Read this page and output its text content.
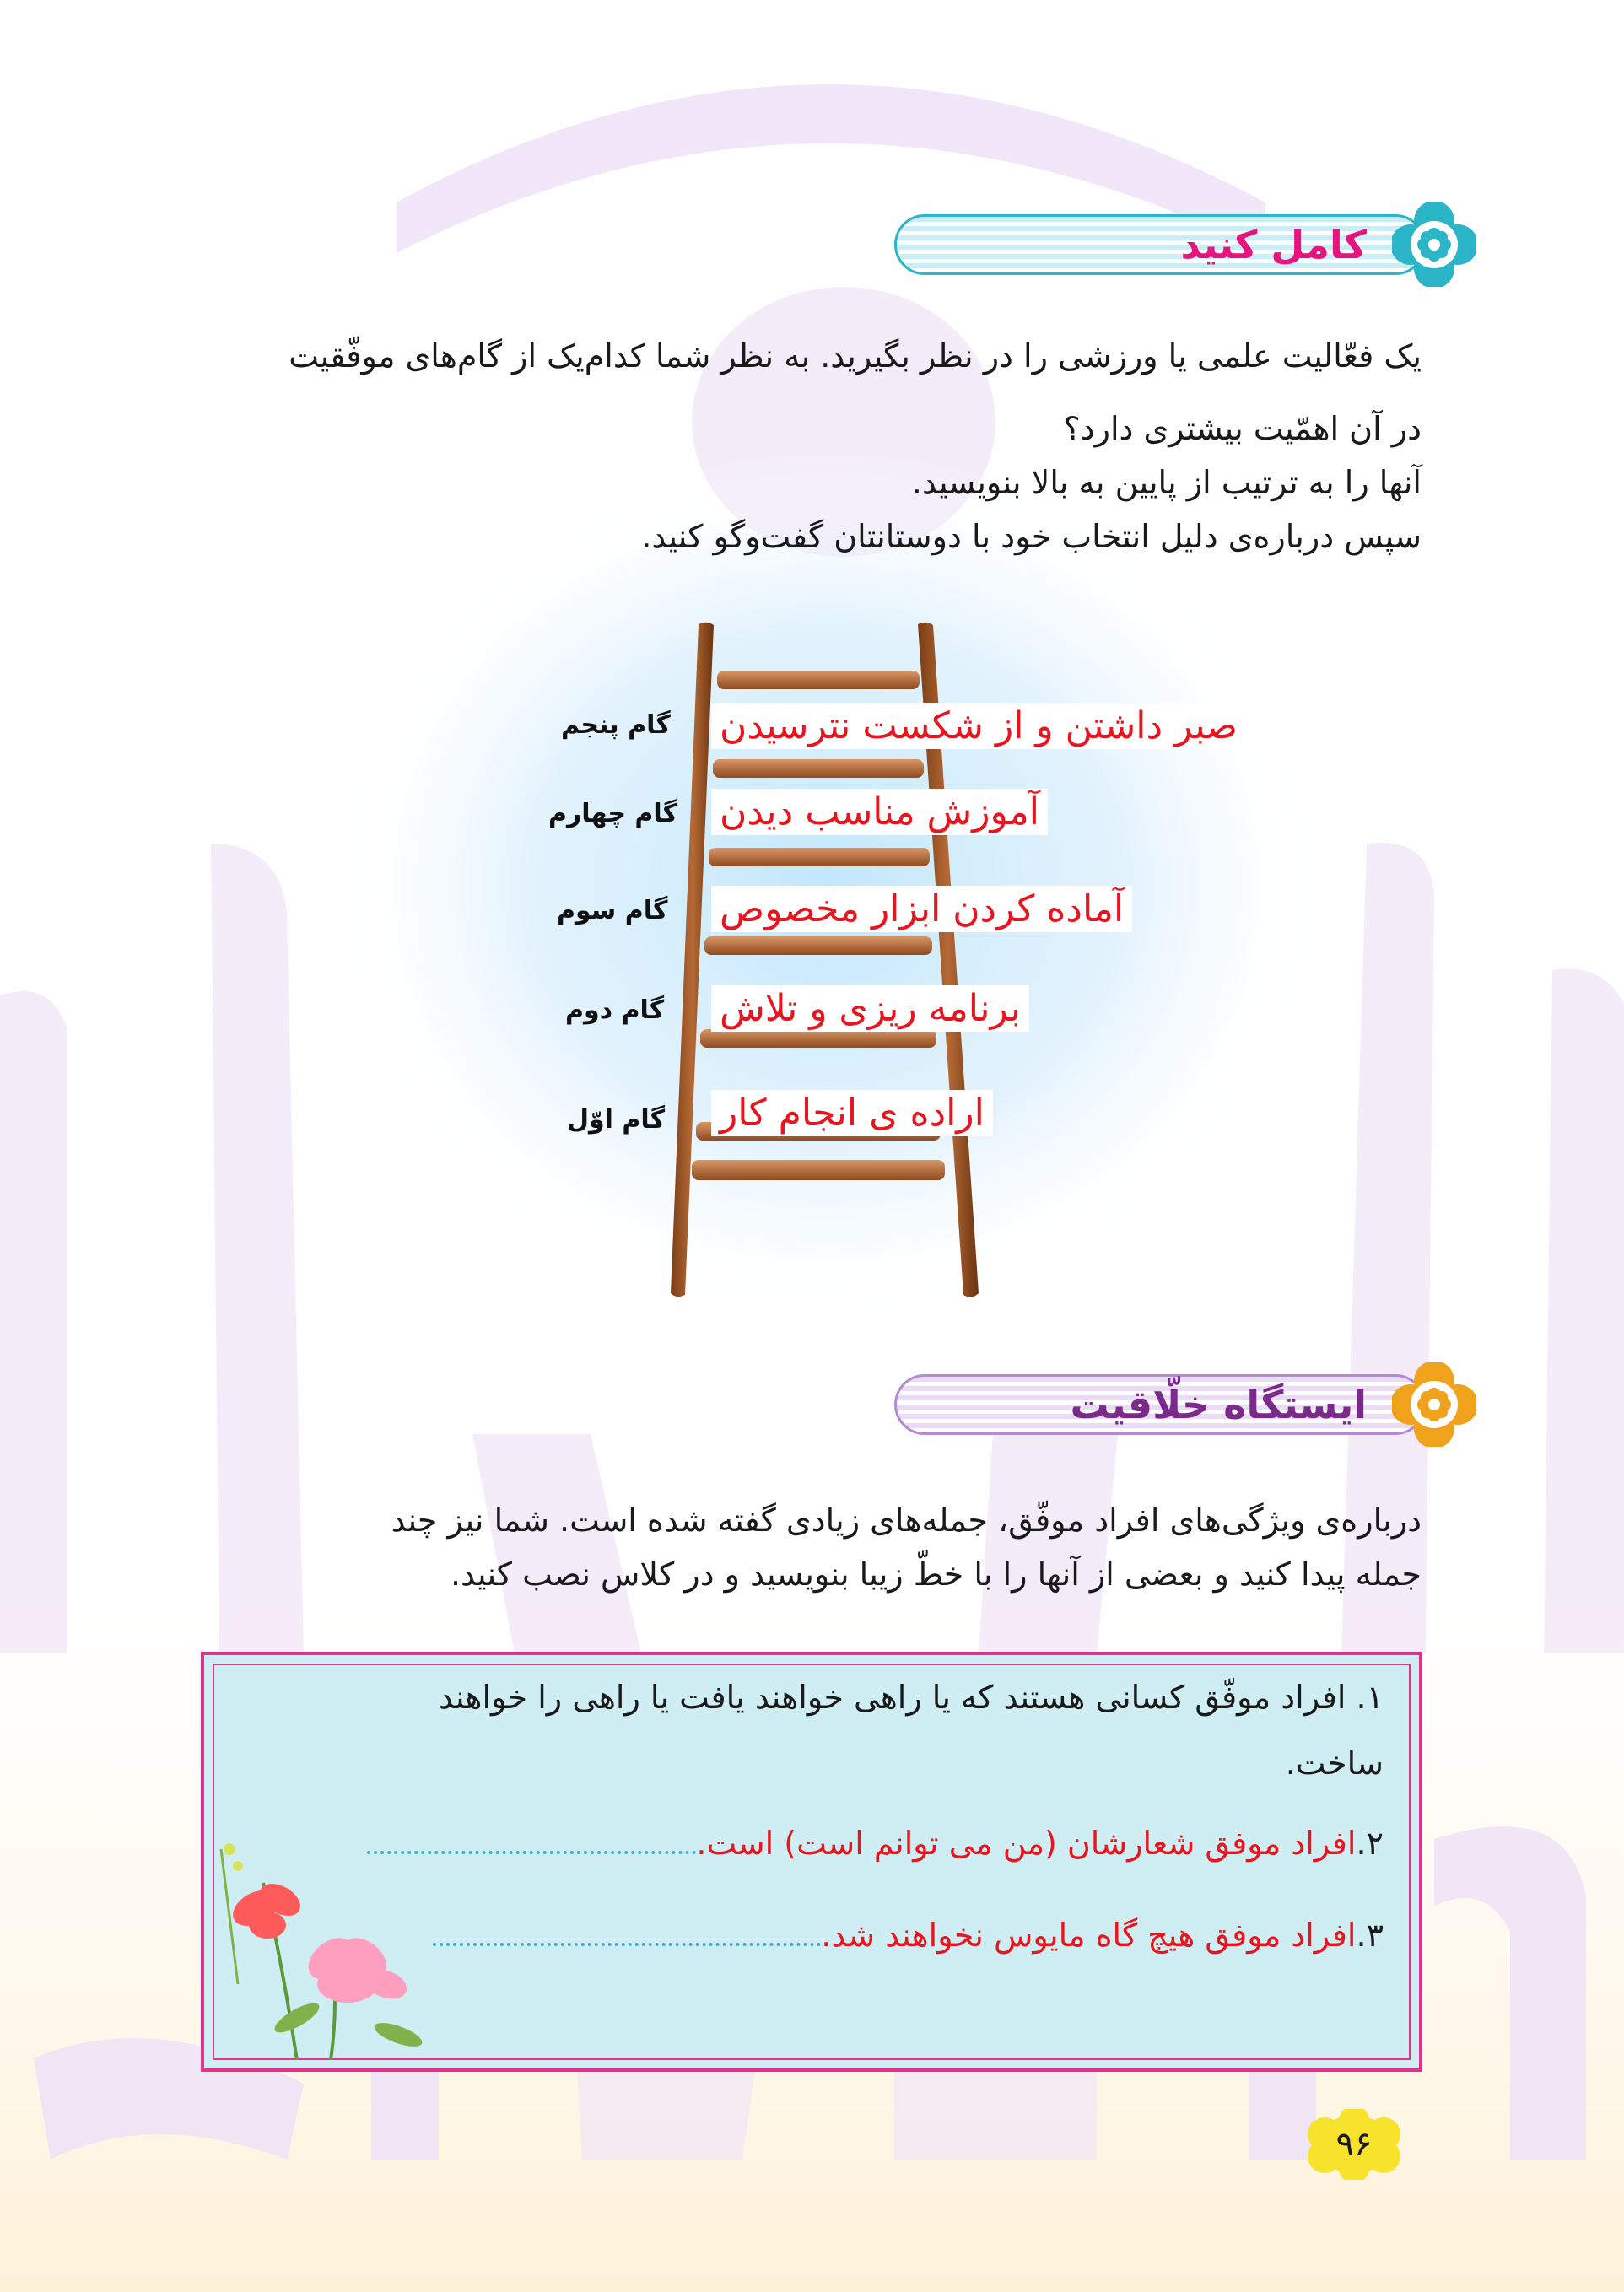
کامل کنید
یک فعّالیت علمی یا ورزشی را در نظر بگیرید. به نظر شما کدام‌یک از گام‌های موفّقیت
در آن اهمّیت بیشتری دارد؟
آنها را به ترتیب از پایین به بالا بنویسید.
سپس درباره‌ی دلیل انتخاب خود با دوستانتان گفت‌وگو کنید.
گام پنجم
گام چهارم
گام سوم
گام دوم
گام اوّل
صبر داشتن و از شکست نترسیدن
آموزش مناسب دیدن
آماده کردن ابزار مخصوص
برنامه ریزی و تلاش
اراده ی انجام کار
ایستگاه خلّاقیت
درباره‌ی ویژگی‌های افراد موفّق، جمله‌های زیادی گفته شده است. شما نیز چند
جمله پیدا کنید و بعضی از آنها را با خطّ زیبا بنویسید و در کلاس نصب کنید.
۱. افراد موفّق کسانی هستند که یا راهی خواهند یافت یا راهی را خواهند
ساخت.
۲.افراد موفق شعارشان (من می توانم است) است.
۳.افراد موفق هیچ گاه مایوس نخواهند شد.
۹۶
